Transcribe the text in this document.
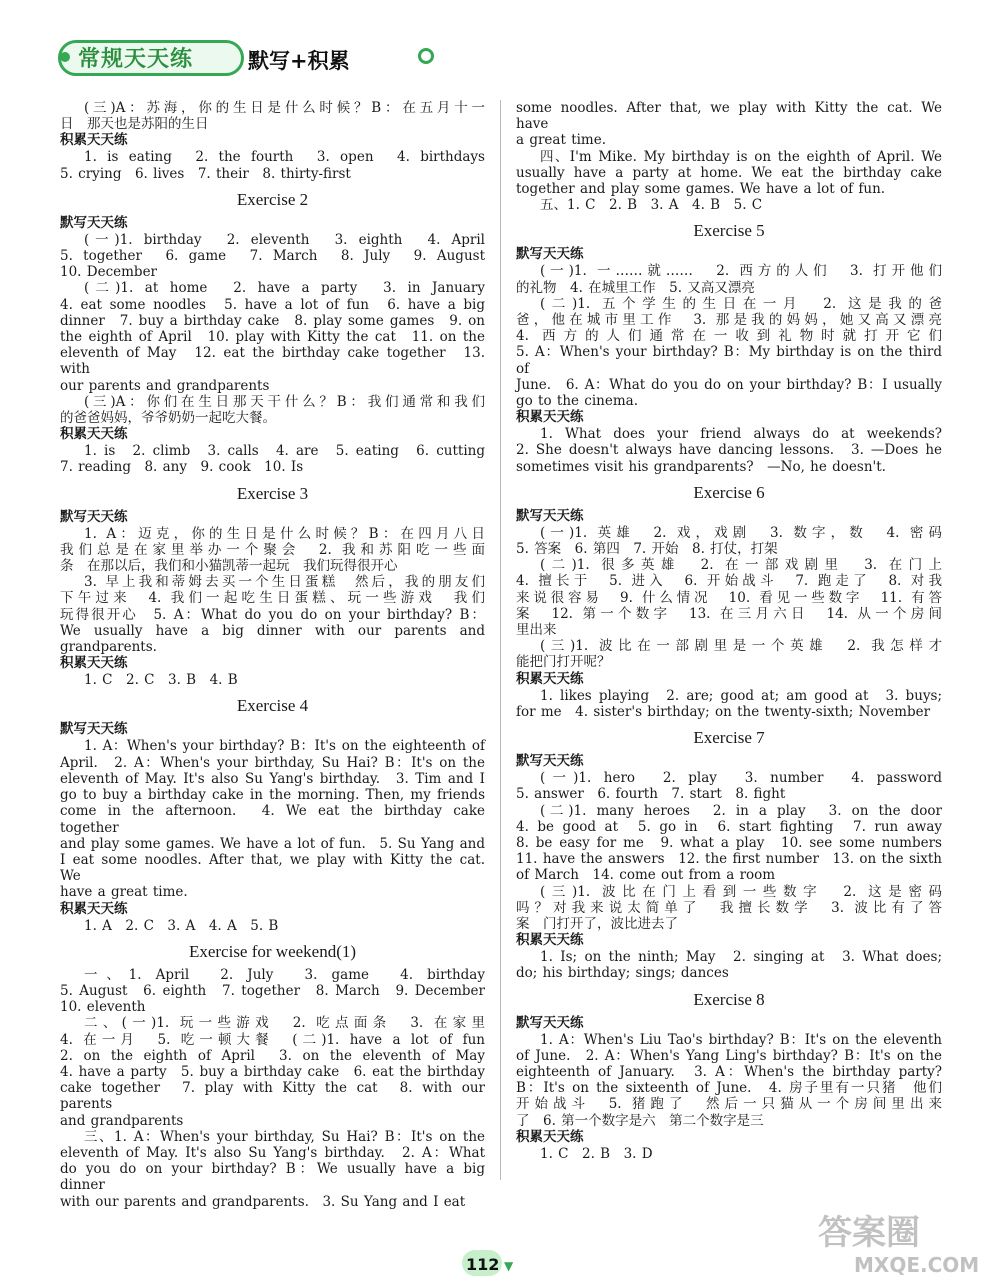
常规天天练	默写+积累
(三)A：苏海，你的生日是什么时候？B：在五月十一
日　那天也是苏阳的生日
积累天天练
1. is eating　2. the fourth　3. open　4. birthdays
5. crying　6. lives　7. their　8. thirty-first
Exercise 2
默写天天练
(一)1. birthday　2. eleventh　3. eighth　4. April
5. together　6. game　7. March　8. July　9. August
10. December
(二)1. at home　2. have a party　3. in January
4. eat some noodles　5. have a lot of fun　6. have a big
dinner　7. buy a birthday cake　8. play some games　9. on
the eighth of April　10. play with Kitty the cat　11. on the
eleventh of May　12. eat the birthday cake together　13. with
our parents and grandparents
(三)A：你们在生日那天干什么？B：我们通常和我们
的爸爸妈妈，爷爷奶奶一起吃大餐。
积累天天练
1. is　2. climb　3. calls　4. are　5. eating　6. cutting
7. reading　8. any　9. cook　10. Is
Exercise 3
默写天天练
1. A：迈克，你的生日是什么时候？B：在四月八日
我们总是在家里举办一个聚会　2. 我和苏阳吃一些面
条　在那以后，我们和小猫凯蒂一起玩　我们玩得很开心
3. 早上我和蒂姆去买一个生日蛋糕　然后，我的朋友们
下午过来　4. 我们一起吃生日蛋糕、玩一些游戏　我们
玩得很开心　5. A：What do you do on your birthday? B：
We usually have a big dinner with our parents and
grandparents.
积累天天练
1. C　2. C　3. B　4. B
Exercise 4
默写天天练
1. A：When's your birthday? B：It's on the eighteenth of
April.　2. A：When's your birthday, Su Hai? B：It's on the
eleventh of May. It's also Su Yang's birthday.　3. Tim and I
go to buy a birthday cake in the morning. Then, my friends
come in the afternoon.　4. We eat the birthday cake together
and play some games. We have a lot of fun.　5. Su Yang and
I eat some noodles. After that, we play with Kitty the cat. We
have a great time.
积累天天练
1. A　2. C　3. A　4. A　5. B
Exercise for weekend(1)
一、1. April　2. July　3. game　4. birthday
5. August　6. eighth　7. together　8. March　9. December
10. eleventh
二、(一)1. 玩一些游戏　2. 吃点面条　3. 在家里
4. 在一月　5. 吃一顿大餐　(二)1. have a lot of fun
2. on the eighth of April　3. on the eleventh of May
4. have a party　5. buy a birthday cake　6. eat the birthday
cake together　7. play with Kitty the cat　8. with our parents
and grandparents
三、1. A：When's your birthday, Su Hai? B：It's on the
eleventh of May. It's also Su Yang's birthday.　2. A：What
do you do on your birthday? B：We usually have a big dinner
with our parents and grandparents.　3. Su Yang and I eat
some noodles. After that, we play with Kitty the cat. We have
a great time.
四、I'm Mike. My birthday is on the eighth of April. We
usually have a party at home. We eat the birthday cake
together and play some games. We have a lot of fun.
五、1. C　2. B　3. A　4. B　5. C
Exercise 5
默写天天练
(一)1. 一……就……　2. 西方的人们　3. 打开他们
的礼物　4. 在城里工作　5. 又高又漂亮
(二)1. 五个学生的生日在一月　2. 这是我的爸
爸，他在城市里工作　3. 那是我的妈妈，她又高又漂亮
4. 西方的人们通常在一收到礼物时就打开它们
5. A：When's your birthday? B：My birthday is on the third of
June.　6. A：What do you do on your birthday? B：I usually
go to the cinema.
积累天天练
1. What does your friend always do at weekends?
2. She doesn't always have dancing lessons.　3. —Does he
sometimes visit his grandparents?　—No, he doesn't.
Exercise 6
默写天天练
(一)1. 英雄　2. 戏，戏剧　3. 数字，数　4. 密码
5. 答案　6. 第四　7. 开始　8. 打仗，打架
(二)1. 很多英雄　2. 在一部戏剧里　3. 在门上
4. 擅长于　5. 进入　6. 开始战斗　7. 跑走了　8. 对我
来说很容易　9. 什么情况　10. 看见一些数字　11. 有答
案　12. 第一个数字　13. 在三月六日　14. 从一个房间
里出来
(三)1. 波比在一部剧里是一个英雄　2. 我怎样才
能把门打开呢？
积累天天练
1. likes playing　2. are; good at; am good at　3. buys;
for me　4. sister's birthday; on the twenty-sixth; November
Exercise 7
默写天天练
(一)1. hero　2. play　3. number　4. password
5. answer　6. fourth　7. start　8. fight
(二)1. many heroes　2. in a play　3. on the door
4. be good at　5. go in　6. start fighting　7. run away
8. be easy for me　9. what a play　10. see some numbers
11. have the answers　12. the first number　13. on the sixth
of March　14. come out from a room
(三)1. 波比在门上看到一些数字　2. 这是密码
吗？对我来说太简单了　我擅长数学　3. 波比有了答
案　门打开了，波比进去了
积累天天练
1. Is; on the ninth; May　2. singing at　3. What does;
do; his birthday; sings; dances
Exercise 8
默写天天练
1. A：When's Liu Tao's birthday? B：It's on the eleventh
of June.　2. A：When's Yang Ling's birthday? B：It's on the
eighteenth of January.　3. A：When's the birthday party?
B：It's on the sixteenth of June.　4. 房子里有一只猪　他们
开始战斗　5. 猪跑了　然后一只猫从一个房间里出来
了　6. 第一个数字是六　第二个数字是三
积累天天练
1. C　2. B　3. D
112 ▼
答案圈
MXQE.COM
